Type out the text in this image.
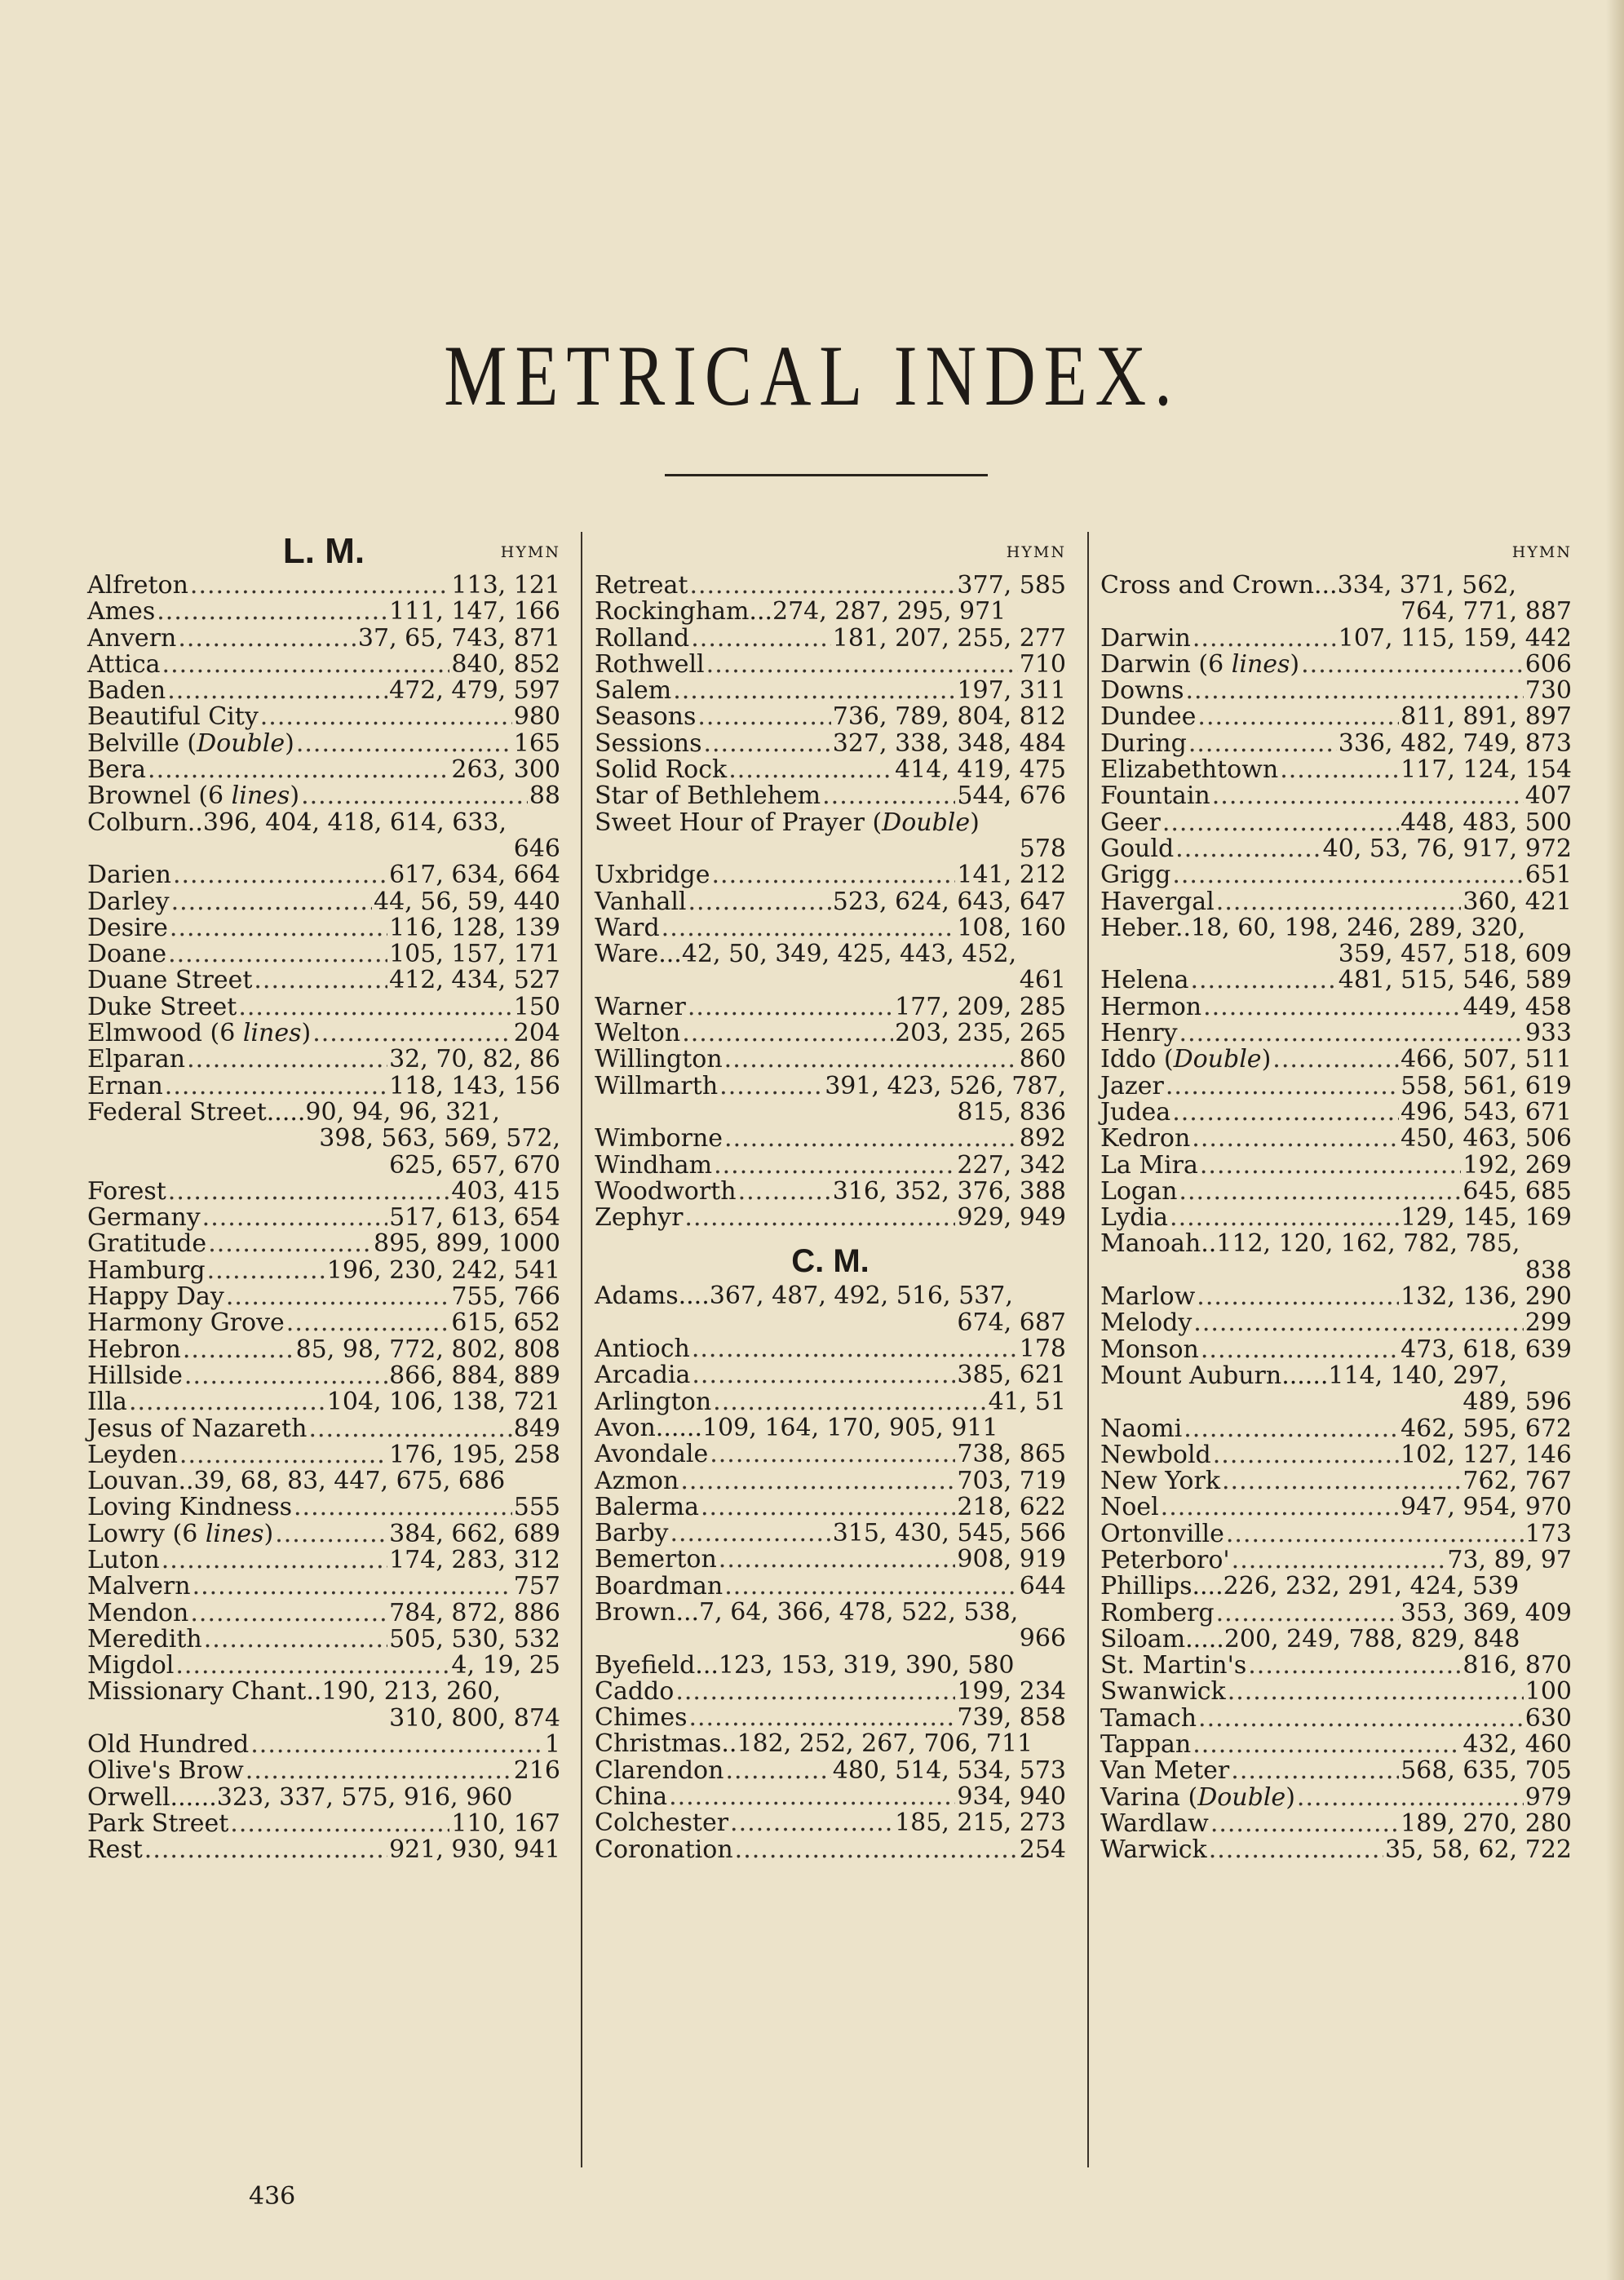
METRICAL INDEX.
L. M.	HYMN
Alfreton .....	113, 121
Ames .....	111, 147, 166
Anvern .....	37, 65, 743, 871
Attica .....	840, 852
Baden .....	472, 479, 597
Beautiful City .....	980
Belville (Double) .....	165
Bera .....	263, 300
Brownel (6 lines) .....	88
Colburn..396, 404, 418, 614, 633,
646
Darien .....	617, 634, 664
Darley .....	44, 56, 59, 440
Desire .....	116, 128, 139
Doane .....	105, 157, 171
Duane Street .....	412, 434, 527
Duke Street .....	150
Elmwood (6 lines) .....	204
Elparan .....	32, 70, 82, 86
Ernan .....	118, 143, 156
Federal Street.....90, 94, 96, 321,
398, 563, 569, 572,
625, 657, 670
Forest .....	403, 415
Germany .....	517, 613, 654
Gratitude .....	895, 899, 1000
Hamburg .....	196, 230, 242, 541
Happy Day .....	755, 766
Harmony Grove .....	615, 652
Hebron .....	85, 98, 772, 802, 808
Hillside .....	866, 884, 889
Illa .....	104, 106, 138, 721
Jesus of Nazareth .....	849
Leyden .....	176, 195, 258
Louvan..39, 68, 83, 447, 675, 686
Loving Kindness .....	555
Lowry (6 lines) .....	384, 662, 689
Luton .....	174, 283, 312
Malvern .....	757
Mendon .....	784, 872, 886
Meredith .....	505, 530, 532
Migdol .....	4, 19, 25
Missionary Chant..190, 213, 260,
310, 800, 874
Old Hundred .....	1
Olive's Brow .....	216
Orwell......323, 337, 575, 916, 960
Park Street .....	110, 167
Rest .....	921, 930, 941
HYMN
Retreat .....	377, 585
Rockingham...274, 287, 295, 971
Rolland .....	181, 207, 255, 277
Rothwell .....	710
Salem .....	197, 311
Seasons .....	736, 789, 804, 812
Sessions .....	327, 338, 348, 484
Solid Rock .....	414, 419, 475
Star of Bethlehem .....	544, 676
Sweet Hour of Prayer (Double)
578
Uxbridge .....	141, 212
Vanhall .....	523, 624, 643, 647
Ward .....	108, 160
Ware...42, 50, 349, 425, 443, 452,
461
Warner .....	177, 209, 285
Welton .....	203, 235, 265
Willington .....	860
Willmarth .....	391, 423, 526, 787,
815, 836
Wimborne .....	892
Windham .....	227, 342
Woodworth .....	316, 352, 376, 388
Zephyr .....	929, 949
C. M.
Adams....367, 487, 492, 516, 537,
674, 687
Antioch .....	178
Arcadia .....	385, 621
Arlington .....	41, 51
Avon......109, 164, 170, 905, 911
Avondale .....	738, 865
Azmon .....	703, 719
Balerma .....	218, 622
Barby .....	315, 430, 545, 566
Bemerton .....	908, 919
Boardman .....	644
Brown...7, 64, 366, 478, 522, 538,
966
Byefield...123, 153, 319, 390, 580
Caddo .....	199, 234
Chimes .....	739, 858
Christmas..182, 252, 267, 706, 711
Clarendon .....	480, 514, 534, 573
China .....	934, 940
Colchester .....	185, 215, 273
Coronation .....	254
HYMN
Cross and Crown...334, 371, 562,
764, 771, 887
Darwin .....	107, 115, 159, 442
Darwin (6 lines) .....	606
Downs .....	730
Dundee .....	811, 891, 897
During .....	336, 482, 749, 873
Elizabethtown .....	117, 124, 154
Fountain .....	407
Geer .....	448, 483, 500
Gould .....	40, 53, 76, 917, 972
Grigg .....	651
Havergal .....	360, 421
Heber..18, 60, 198, 246, 289, 320,
359, 457, 518, 609
Helena .....	481, 515, 546, 589
Hermon .....	449, 458
Henry .....	933
Iddo (Double) .....	466, 507, 511
Jazer .....	558, 561, 619
Judea .....	496, 543, 671
Kedron .....	450, 463, 506
La Mira .....	192, 269
Logan .....	645, 685
Lydia .....	129, 145, 169
Manoah..112, 120, 162, 782, 785,
838
Marlow .....	132, 136, 290
Melody .....	299
Monson .....	473, 618, 639
Mount Auburn......114, 140, 297,
489, 596
Naomi .....	462, 595, 672
Newbold .....	102, 127, 146
New York .....	762, 767
Noel .....	947, 954, 970
Ortonville .....	173
Peterboro' .....	73, 89, 97
Phillips....226, 232, 291, 424, 539
Romberg .....	353, 369, 409
Siloam.....200, 249, 788, 829, 848
St. Martin's .....	816, 870
Swanwick .....	100
Tamach .....	630
Tappan .....	432, 460
Van Meter .....	568, 635, 705
Varina (Double) .....	979
Wardlaw .....	189, 270, 280
Warwick .....	35, 58, 62, 722
436
